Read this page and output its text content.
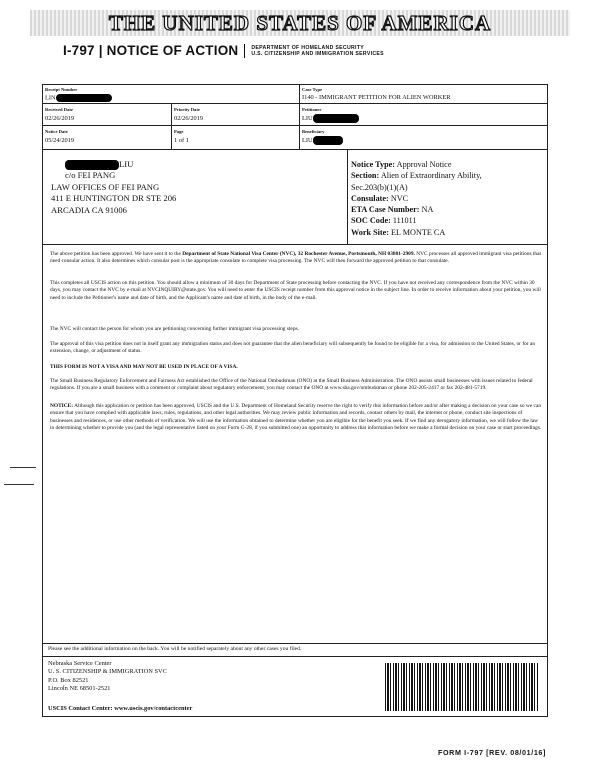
THE UNITED STATES OF AMERICA
I-797 | NOTICE OF ACTION	DEPARTMENT OF HOMELAND SECURITY
U.S. CITIZENSHIP AND IMMIGRATION SERVICES
Receipt Number
LIN
Case Type
I140 - IMMIGRANT PETITION FOR ALIEN WORKER
Received Date
02/26/2019
Priority Date
02/26/2019
Petitioner
LIU
Notice Date
05/24/2019
Page
1 of 1
Beneficiary
LIU
LIU
c/o FEI PANG
LAW OFFICES OF FEI PANG
411 E HUNTINGTON DR STE 206
ARCADIA CA 91006
Notice Type: Approval Notice
Section: Alien of Extraordinary Ability,
Sec.203(b)(1)(A)
Consulate: NVC
ETA Case Number: NA
SOC Code: 111011
Work Site: EL MONTE CA

The above petition has been approved. We have sent it to the Department of State National Visa Center (NVC), 32 Rochester Avenue, Portsmouth, NH 03801-2909. NVC processes all approved immigrant visa petitions that need consular action. It also determines which consular post is the appropriate consulate to complete visa processing. The NVC will then forward the approved petition to that consulate.

This completes all USCIS action on this petition. You should allow a minimum of 30 days for Department of State processing before contacting the NVC. If you have not received any correspondence from the NVC within 30 days, you may contact the NVC by e-mail at NVCINQUIRY@state.gov. You will need to enter the USCIS receipt number from this approval notice in the subject line. In order to receive information about your petition, you will need to include the Petitioner's name and date of birth, and the Applicant's name and date of birth, in the body of the e-mail.

The NVC will contact the person for whom you are petitioning concerning further immigrant visa processing steps.

The approval of this visa petition does not in itself grant any immigration status and does not guarantee that the alien beneficiary will subsequently be found to be eligible for a visa, for admission to the United States, or for an extension, change, or adjustment of status.

THIS FORM IS NOT A VISA AND MAY NOT BE USED IN PLACE OF A VISA.

The Small Business Regulatory Enforcement and Fairness Act established the Office of the National Ombudsman (ONO) at the Small Business Administration. The ONO assists small businesses with issues related to federal regulations. If you are a small business with a comment or complaint about regulatory enforcement, you may contact the ONO at www.sba.gov/ombudsman or phone 202-205-2417 or fax 202-481-5719.

NOTICE: Although this application or petition has been approved, USCIS and the U.S. Department of Homeland Security reserve the right to verify this information before and/or after making a decision on your case so we can ensure that you have complied with applicable laws, rules, regulations, and other legal authorities. We may review public information and records, contact others by mail, the internet or phone, conduct site inspections of businesses and residences, or use other methods of verification. We will use the information obtained to determine whether you are eligible for the benefit you seek. If we find any derogatory information, we will follow the law in determining whether to provide you (and the legal representative listed on your Form G-28, if you submitted one) an opportunity to address that information before we make a formal decision on your case or start proceedings.

Please see the additional information on the back. You will be notified separately about any other cases you filed.
Nebraska Service Center
U. S. CITIZENSHIP & IMMIGRATION SVC
P.O. Box 82521
Lincoln NE 68501-2521
USCIS Contact Center: www.uscis.gov/contactcenter
FORM I-797 [REV. 08/01/16]
